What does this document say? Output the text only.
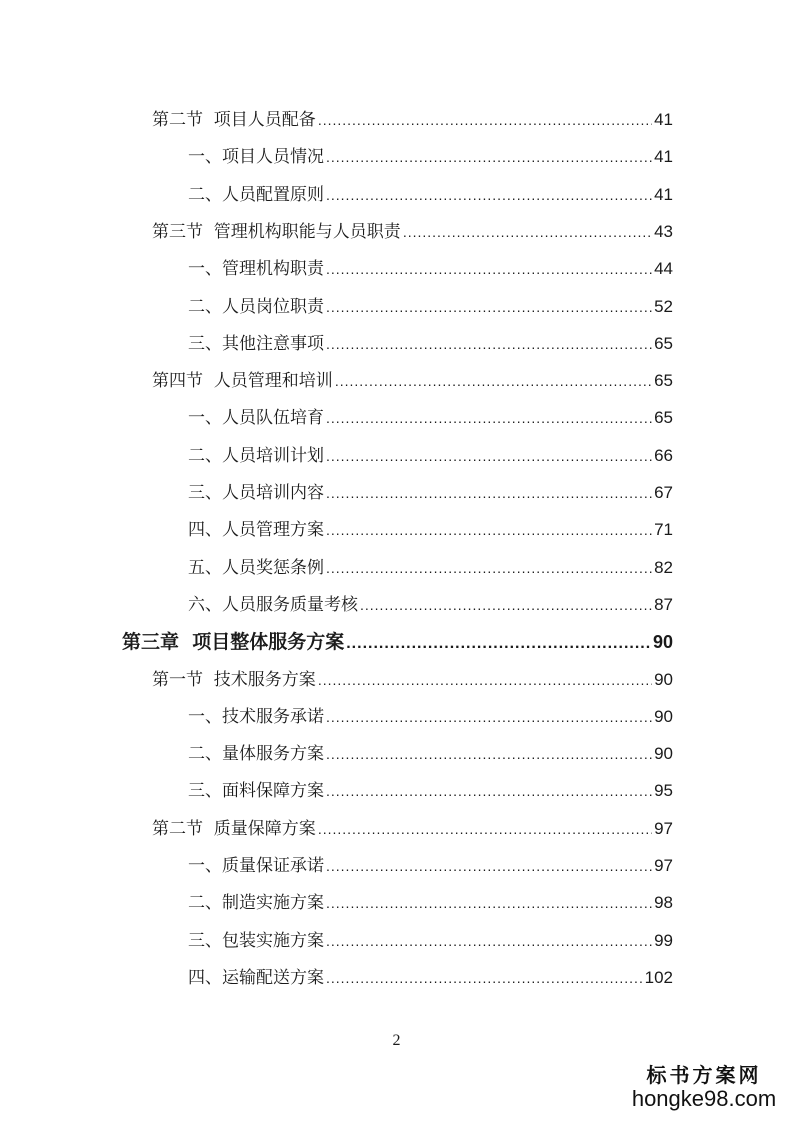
第二节  项目人员配备 .....	41
一、项目人员情况 .....	41
二、人员配置原则 .....	41
第三节  管理机构职能与人员职责 .....	43
一、管理机构职责 .....	44
二、人员岗位职责 .....	52
三、其他注意事项 .....	65
第四节  人员管理和培训 .....	65
一、人员队伍培育 .....	65
二、人员培训计划 .....	66
三、人员培训内容 .....	67
四、人员管理方案 .....	71
五、人员奖惩条例 .....	82
六、人员服务质量考核 .....	87
第三章  项目整体服务方案 .....	90
第一节  技术服务方案 .....	90
一、技术服务承诺 .....	90
二、量体服务方案 .....	90
三、面料保障方案 .....	95
第二节  质量保障方案 .....	97
一、质量保证承诺 .....	97
二、制造实施方案 .....	98
三、包装实施方案 .....	99
四、运输配送方案 .....	102
2
标书方案网
hongke98.com
